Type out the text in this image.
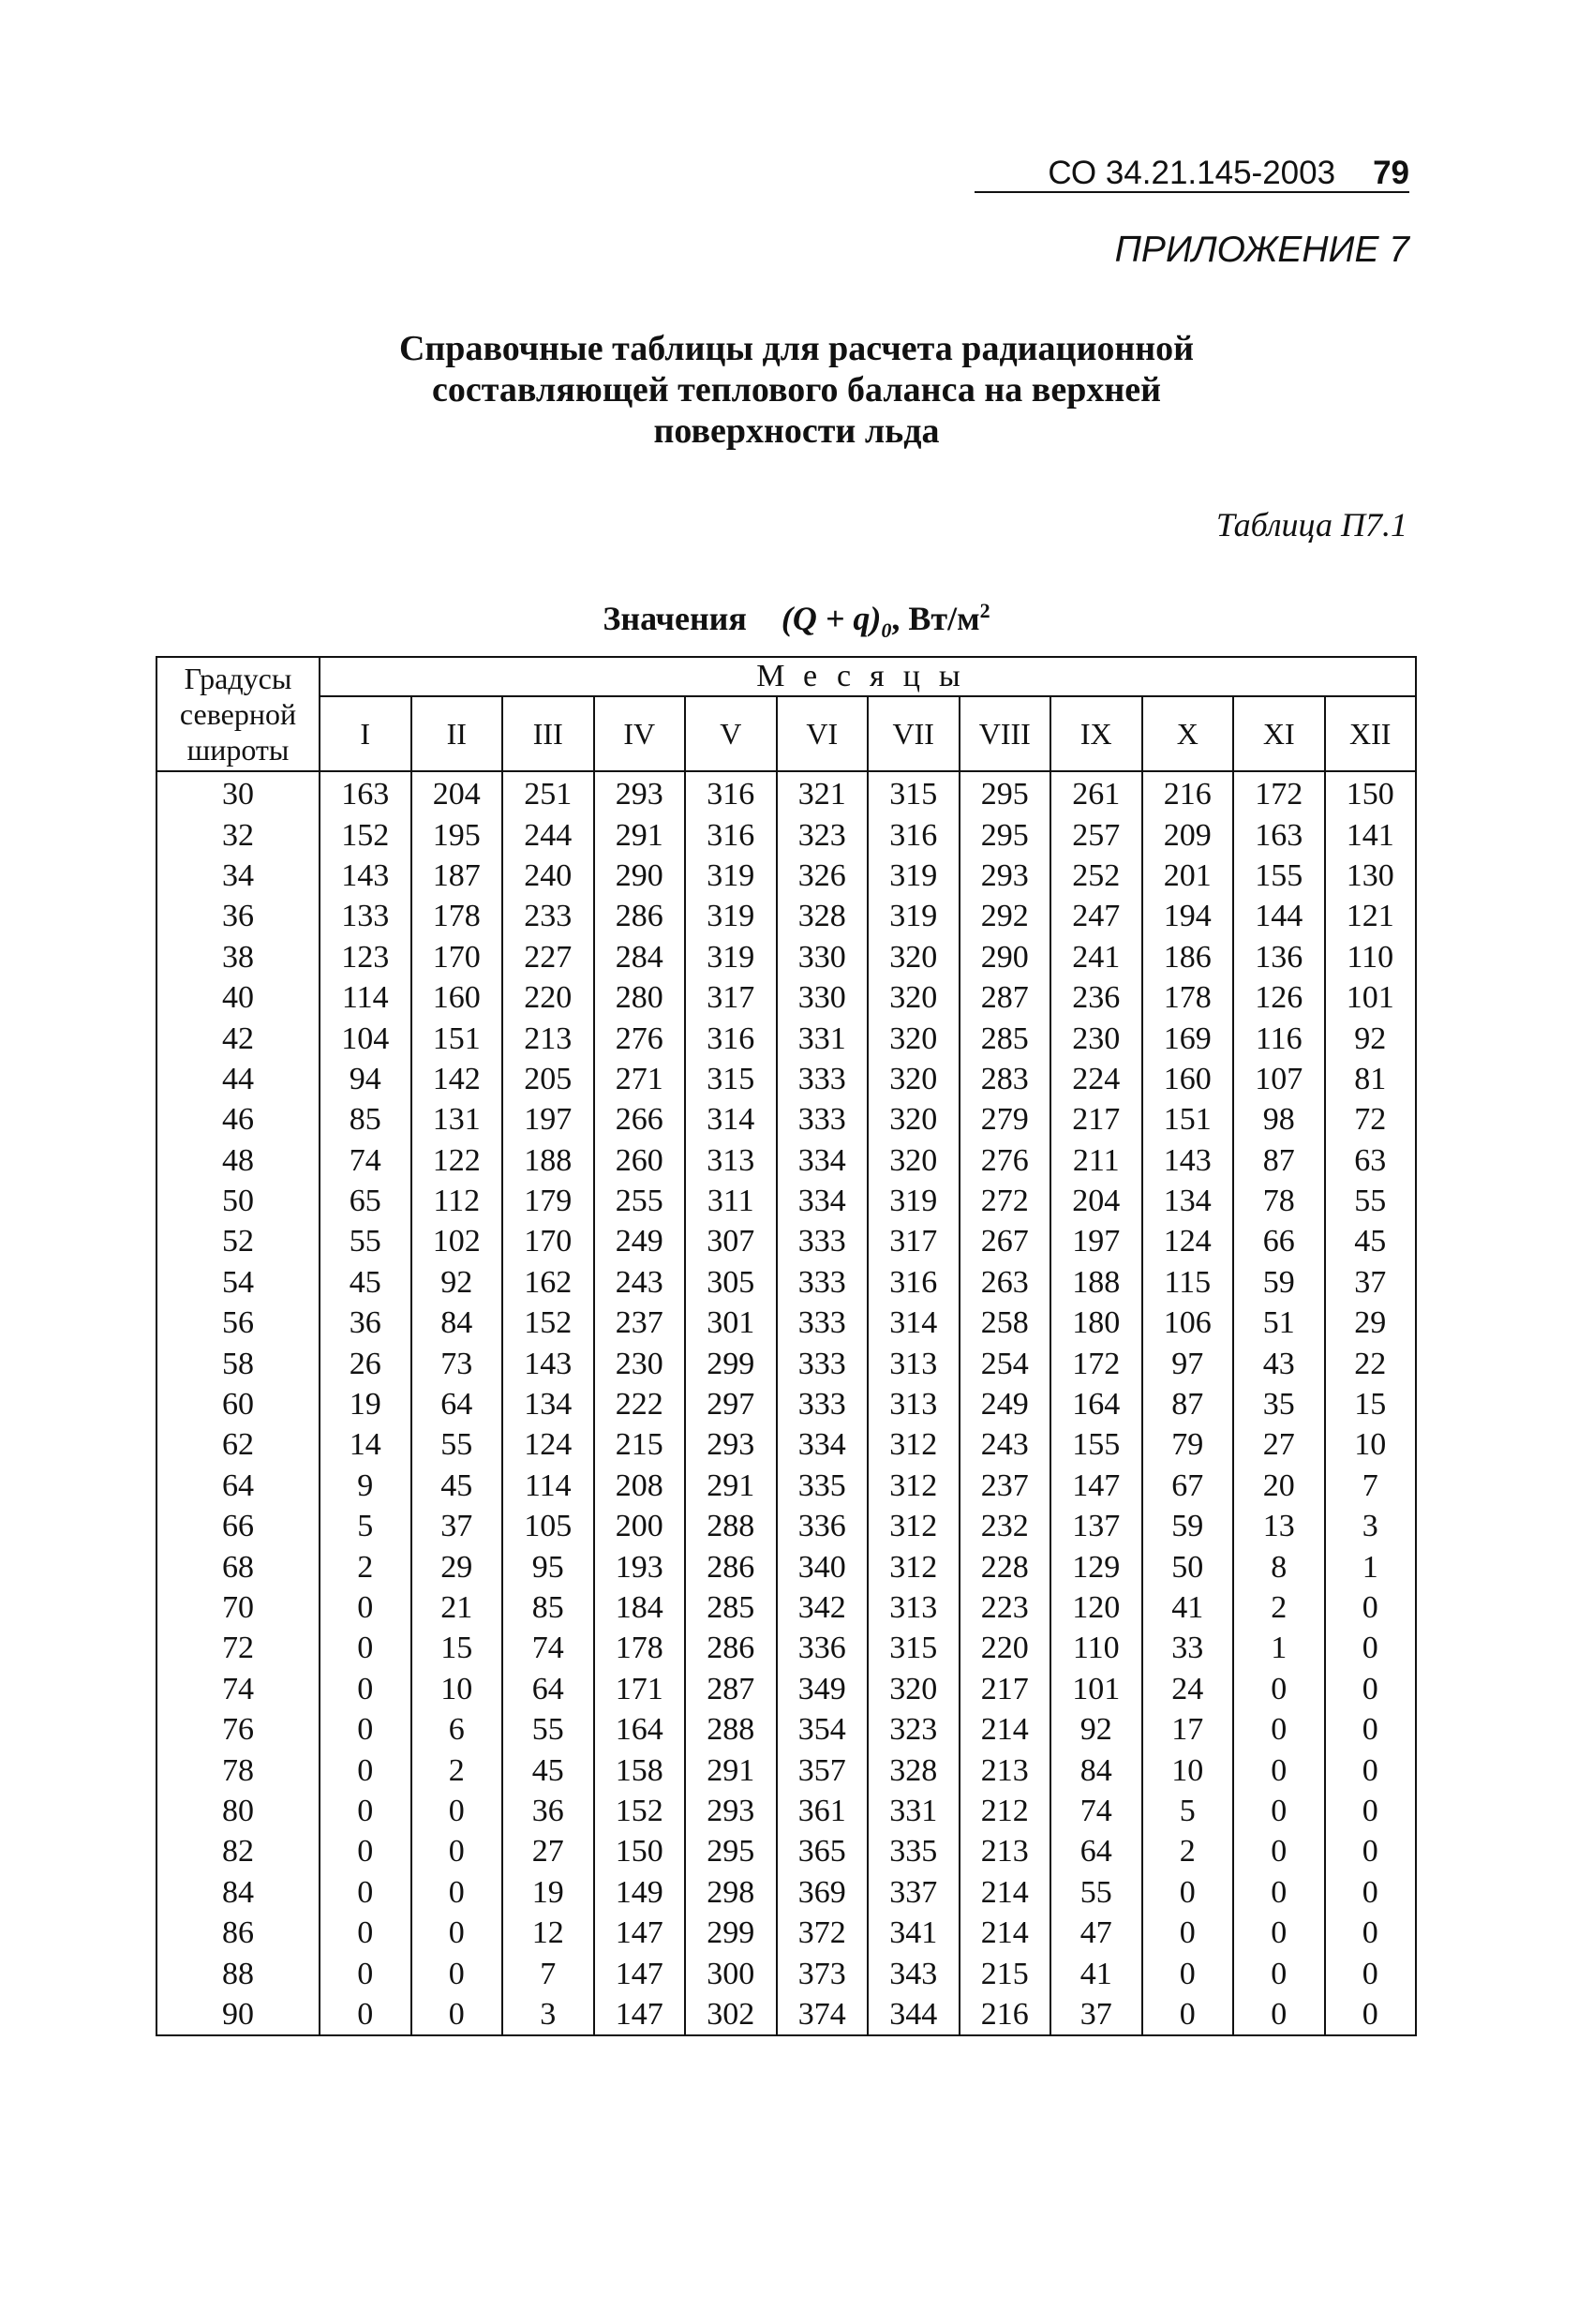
СО 34.21.145-2003 79
ПРИЛОЖЕНИЕ 7
Справочные таблицы для расчета радиационной
составляющей теплового баланса на верхней
поверхности льда
Таблица П7.1
Значения $(Q + q)_0$, $Вт/м^2$
Градусы
северной
широты	Месяцы											
	I	II	III	IV	V	VI	VII	VIII	IX	X	XI	XII
30	163	204	251	293	316	321	315	295	261	216	172	150
32	152	195	244	291	316	323	316	295	257	209	163	141
34	143	187	240	290	319	326	319	293	252	201	155	130
36	133	178	233	286	319	328	319	292	247	194	144	121
38	123	170	227	284	319	330	320	290	241	186	136	110
40	114	160	220	280	317	330	320	287	236	178	126	101
42	104	151	213	276	316	331	320	285	230	169	116	92
44	94	142	205	271	315	333	320	283	224	160	107	81
46	85	131	197	266	314	333	320	279	217	151	98	72
48	74	122	188	260	313	334	320	276	211	143	87	63
50	65	112	179	255	311	334	319	272	204	134	78	55
52	55	102	170	249	307	333	317	267	197	124	66	45
54	45	92	162	243	305	333	316	263	188	115	59	37
56	36	84	152	237	301	333	314	258	180	106	51	29
58	26	73	143	230	299	333	313	254	172	97	43	22
60	19	64	134	222	297	333	313	249	164	87	35	15
62	14	55	124	215	293	334	312	243	155	79	27	10
64	9	45	114	208	291	335	312	237	147	67	20	7
66	5	37	105	200	288	336	312	232	137	59	13	3
68	2	29	95	193	286	340	312	228	129	50	8	1
70	0	21	85	184	285	342	313	223	120	41	2	0
72	0	15	74	178	286	336	315	220	110	33	1	0
74	0	10	64	171	287	349	320	217	101	24	0	0
76	0	6	55	164	288	354	323	214	92	17	0	0
78	0	2	45	158	291	357	328	213	84	10	0	0
80	0	0	36	152	293	361	331	212	74	5	0	0
82	0	0	27	150	295	365	335	213	64	2	0	0
84	0	0	19	149	298	369	337	214	55	0	0	0
86	0	0	12	147	299	372	341	214	47	0	0	0
88	0	0	7	147	300	373	343	215	41	0	0	0
90	0	0	3	147	302	374	344	216	37	0	0	0
